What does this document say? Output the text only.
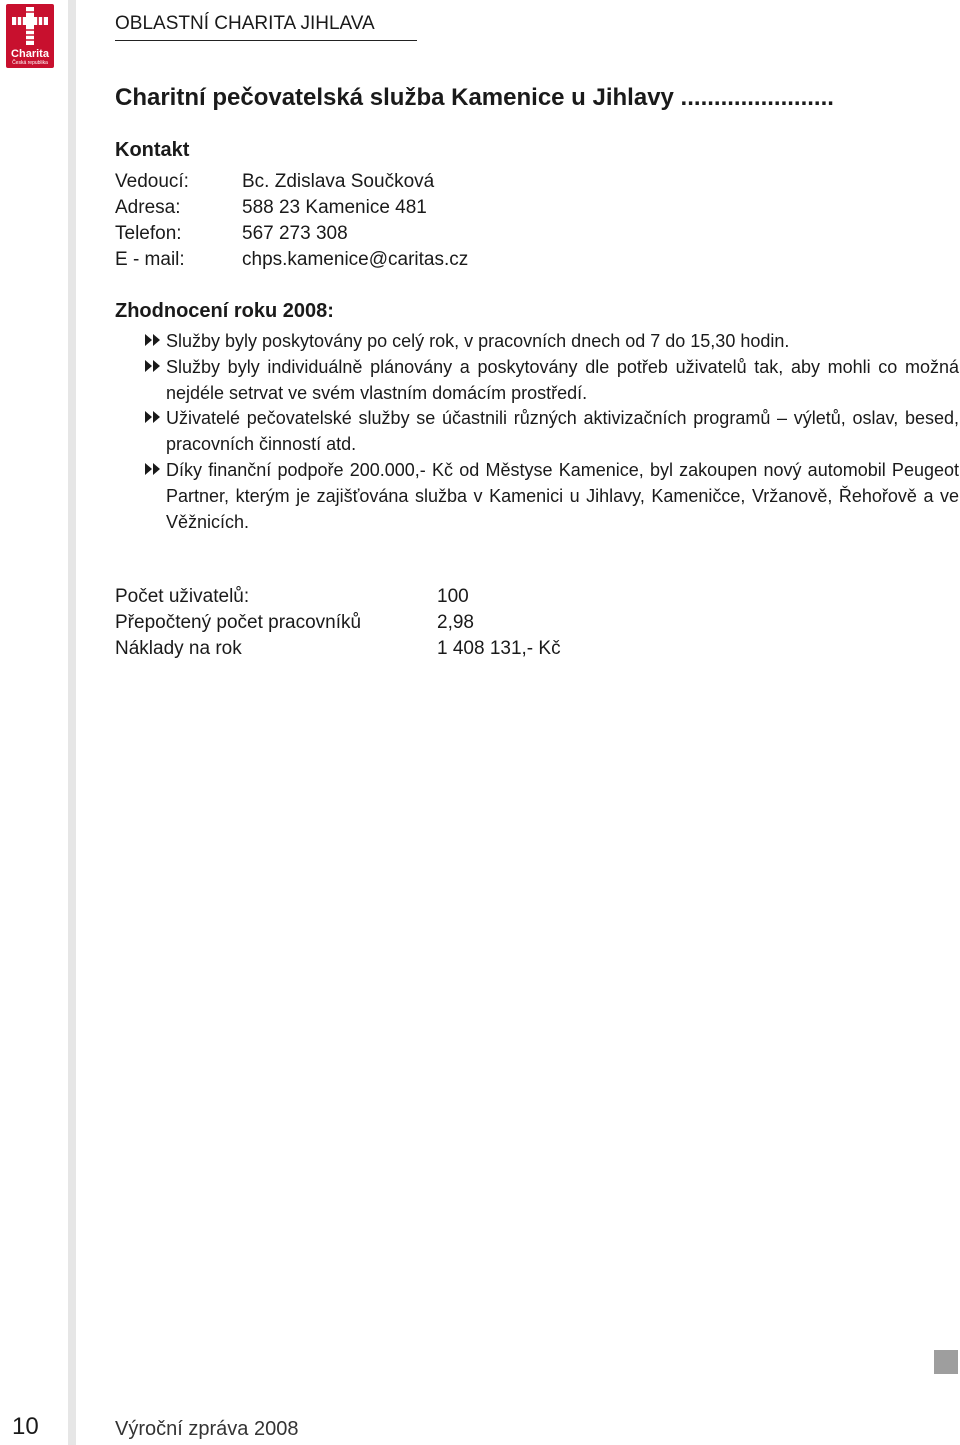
Charita
Česká republika
OBLASTNÍ CHARITA JIHLAVA
Charitní pečovatelská služba Kamenice u Jihlavy .......................
Kontakt
Vedoucí:	Bc. Zdislava Součková
Adresa:	588 23 Kamenice 481
Telefon:	567 273 308
E - mail:	chps.kamenice@caritas.cz
Zhodnocení roku 2008:
Služby byly poskytovány po celý rok, v pracovních dnech od 7 do 15,30 hodin.
Služby byly individuálně plánovány a poskytovány dle potřeb uživatelů tak, aby mohli co možná nejdéle setrvat ve svém vlastním domácím prostředí.
Uživatelé pečovatelské služby se účastnili různých aktivizačních programů – výletů, oslav, besed, pracovních činností atd.
Díky finanční podpoře 200.000,- Kč od Městyse Kamenice, byl zakoupen nový automobil Peugeot Partner, kterým je zajišťována služba v Kamenici u Jihlavy, Kameničce, Vržanově, Řehořově a ve Věžnicích.
Počet uživatelů:	100
Přepočtený počet pracovníků	2,98
Náklady na rok	1 408 131,- Kč
10	Výroční zpráva 2008
